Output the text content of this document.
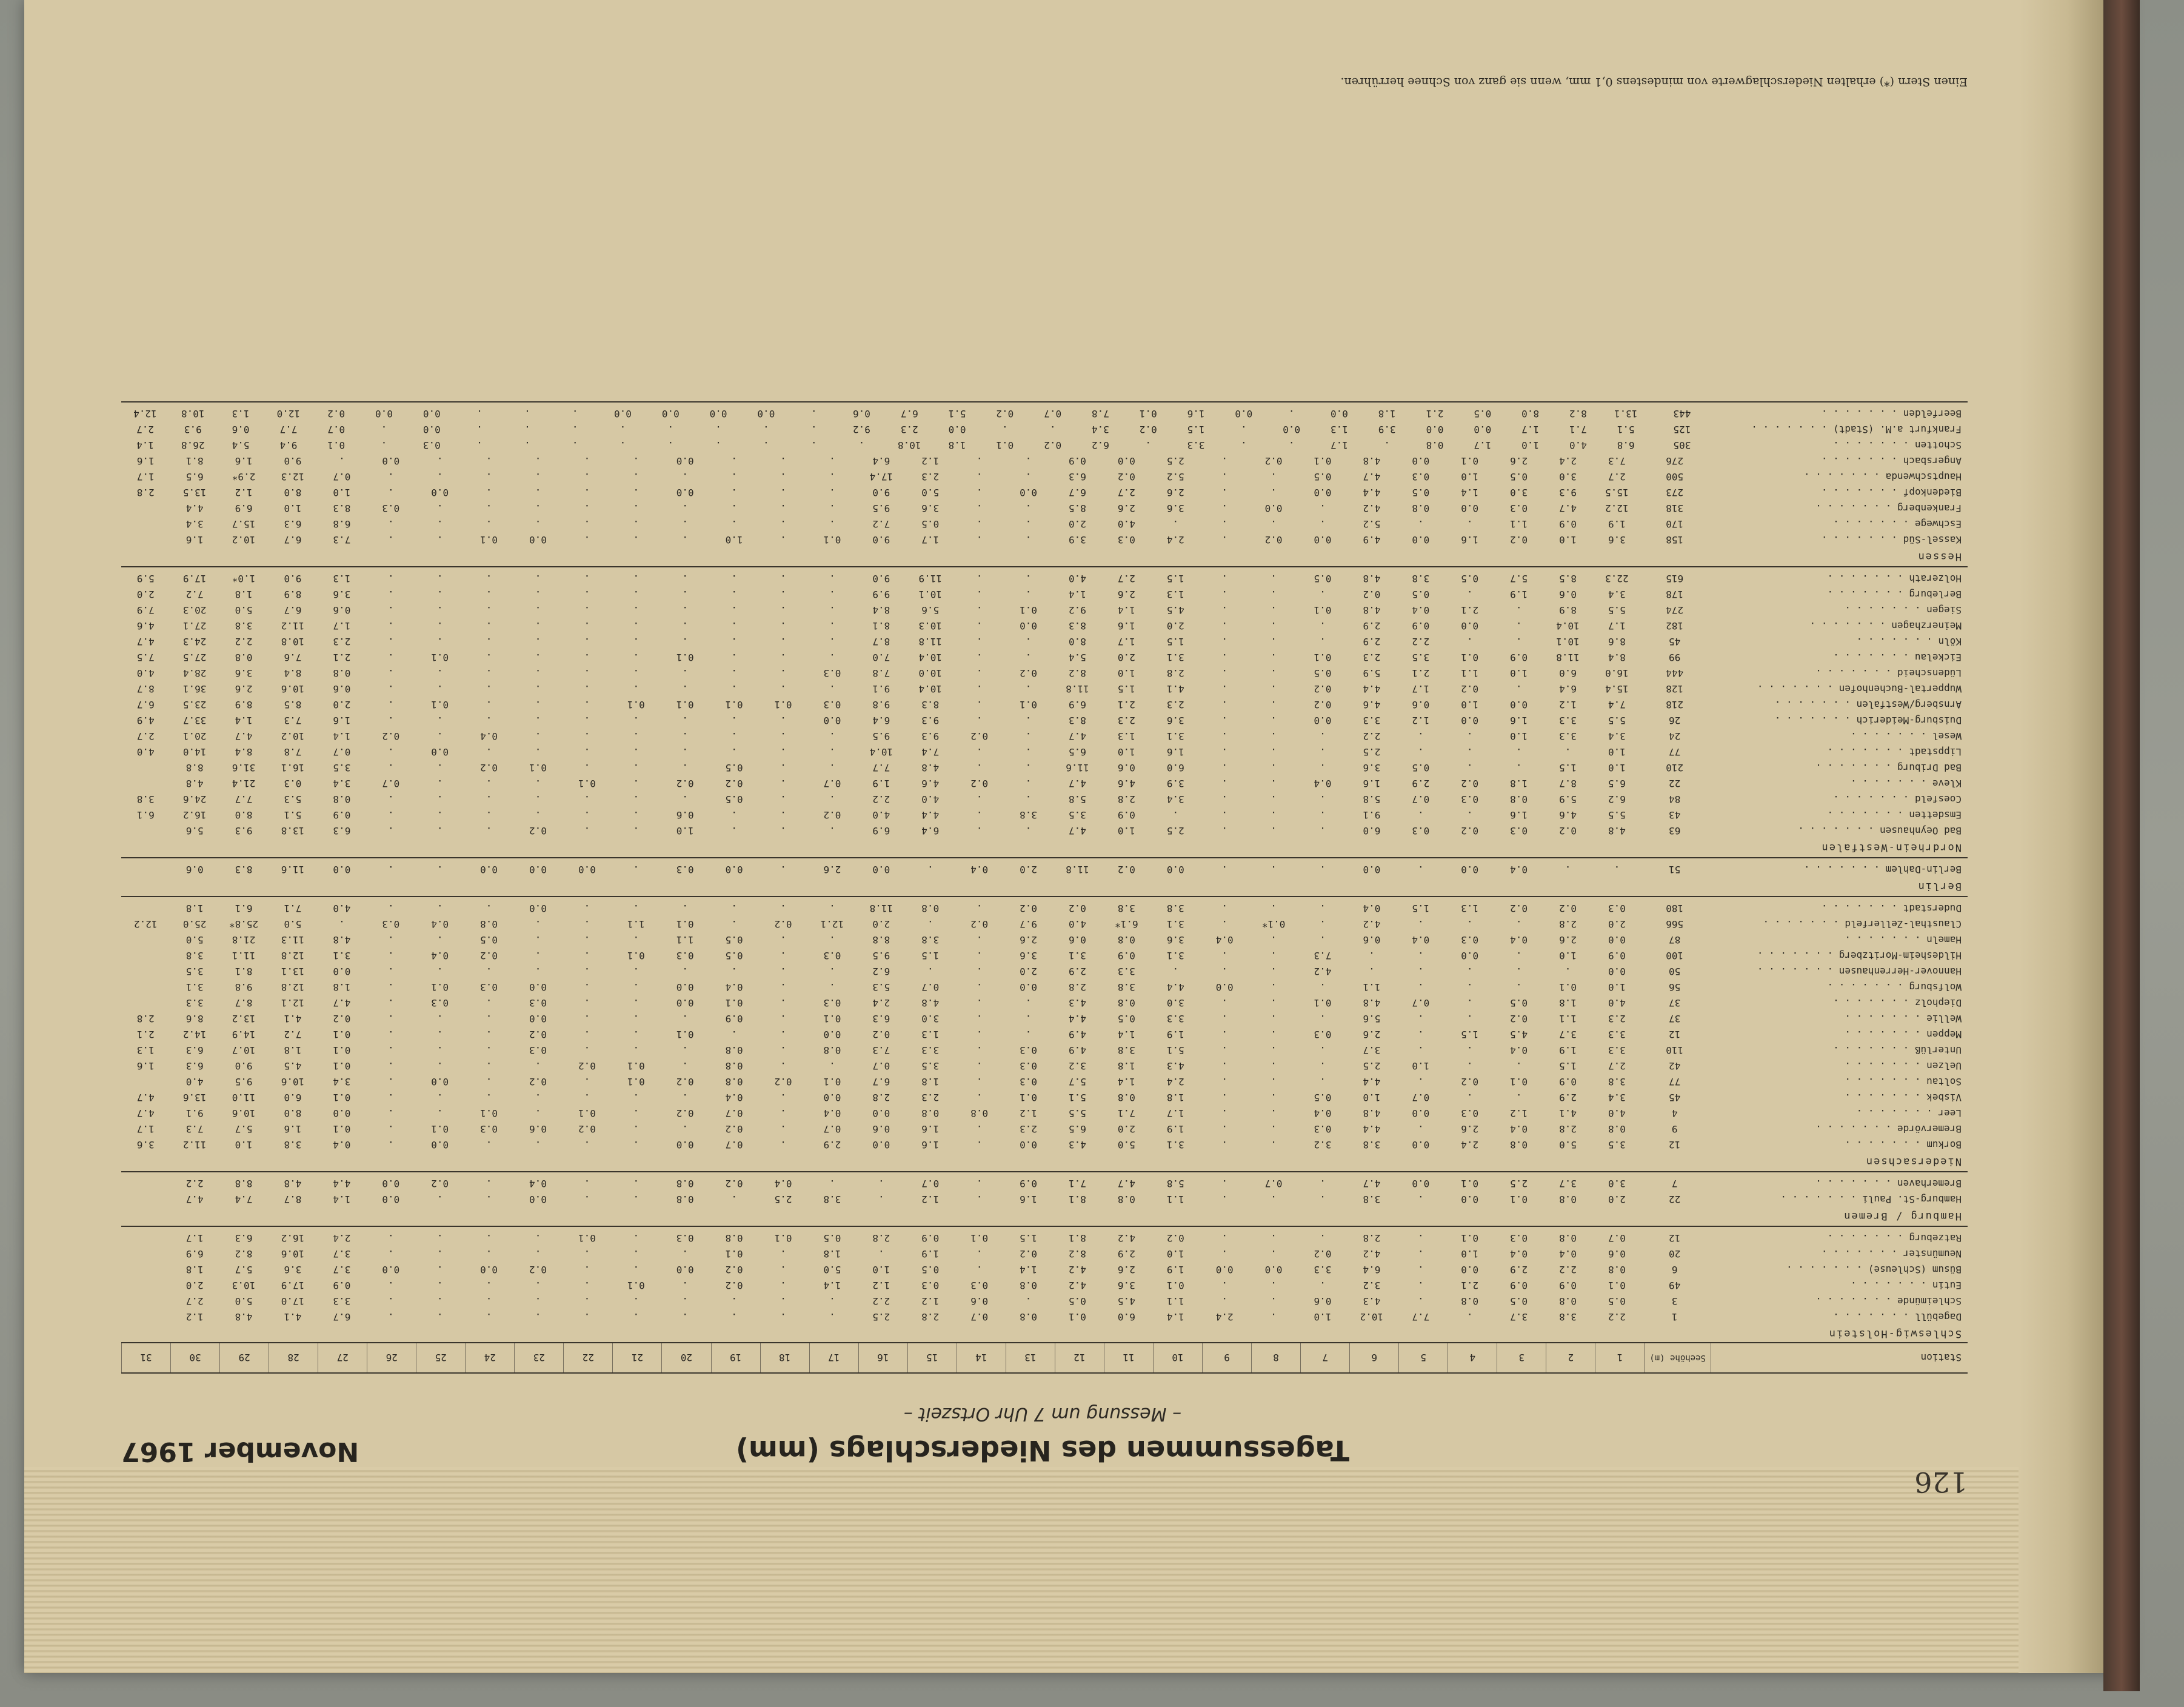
126
Tagessummen des Niederschlags (mm)
November 1967
– Messung um 7 Uhr Ortszeit –
Station
Seehöhe (m)
1
2
3
4
5
6
7
8
9
10
11
12
13
14
15
16
17
18
19
20
21
22
23
24
25
26
27
28
29
30
31
Schleswig-Holstein
Dagebüll . . . . . . .
1
2.2
3.8
3.7
.
7.7
10.2
1.0
.
2.4
1.4
6.0
0.1
0.8
0.7
2.8
2.5
.
.
.
.
.
.
.
.
.
.
6.7
4.1
4.8
1.2
Schleimünde . . . . . . .
3
0.5
0.8
0.5
0.8
.
4.3
0.6
.
.
1.1
4.5
0.5
.
0.6
1.2
2.2
.
.
.
.
.
.
.
.
.
.
3.3
17.0
5.0
2.7
Eutin . . . . . . .
49
0.1
0.9
0.9
2.1
.
3.2
.
.
.
0.1
3.6
4.2
0.8
0.3
0.3
1.2
1.4
.
0.2
.
0.1
.
.
.
.
.
0.9
17.9
10.3
2.0
Büsum (Schleuse) . . . . . . .
6
0.8
2.2
2.9
0.0
.
6.4
3.3
0.0
0.0
1.9
2.6
4.2
1.4
.
0.5
1.0
5.0
.
0.2
0.0
.
.
0.2
0.0
.
0.0
3.7
3.6
5.7
1.8
Neumünster . . . . . . .
20
0.6
0.4
0.4
1.0
.
4.2
0.2
.
.
1.0
2.9
8.2
0.2
.
1.9
.
1.8
.
0.1
.
.
.
.
.
.
.
3.7
10.6
8.2
6.9
Ratzeburg . . . . . . .
12
0.7
0.8
0.3
0.1
.
2.8
.
.
.
0.2
4.2
8.1
1.5
0.1
0.9
2.8
0.5
0.1
0.8
0.3
.
0.1
.
.
.
.
2.4
16.2
6.3
1.7
Hamburg / Bremen
Hamburg-St. Pauli . . . . . . .
22
2.0
0.8
0.1
0.0
.
3.8
.
.
.
1.1
0.8
8.1
1.6
.
1.2
.
3.8
2.5
.
0.8
.
.
0.0
.
.
0.0
1.4
8.7
7.4
4.7
Bremerhaven . . . . . . .
7
3.0
3.7
2.5
0.1
0.0
4.7
.
0.7
.
5.8
4.7
7.1
0.9
.
0.7
.
.
0.4
0.2
0.8
.
.
0.4
.
0.2
0.0
4.4
4.8
8.8
2.2
Niedersachsen
Borkum . . . . . . .
12
3.5
5.0
0.8
2.4
0.0
3.8
3.2
.
.
3.1
5.0
4.3
0.0
.
1.6
0.0
2.9
.
0.7
0.0
.
.
.
.
0.0
.
0.4
3.8
1.0
11.2
3.6
Bremervörde . . . . . . .
9
0.8
2.8
0.4
2.6
.
4.4
0.3
.
.
1.9
2.0
6.5
2.3
.
1.6
0.6
0.7
.
0.2
.
.
0.2
0.6
0.3
0.1
.
0.1
1.6
5.7
7.3
1.7
Leer . . . . . . .
4
4.0
4.1
1.2
0.3
0.0
4.8
0.4
.
.
1.7
7.1
5.5
1.2
0.8
0.8
0.0
0.4
.
0.7
0.2
.
0.1
.
0.1
.
.
0.0
8.0
10.6
9.1
4.7
Visbek . . . . . . .
45
3.4
2.9
.
.
0.7
1.0
0.5
.
.
1.8
0.8
5.1
0.1
.
2.3
2.8
0.0
.
0.4
.
.
.
.
.
.
.
0.1
6.0
11.0
13.6
4.7
Soltau . . . . . . .
77
3.8
0.9
0.1
0.2
.
4.4
.
.
.
2.4
1.4
5.7
0.3
.
1.8
6.7
0.1
0.2
0.8
0.2
0.1
.
0.2
.
0.0
.
3.4
10.6
9.5
4.0
Uelzen . . . . . . .
42
2.7
1.5
.
.
1.0
2.5
.
.
.
4.3
1.8
3.2
0.3
.
3.5
0.7
.
.
0.8
.
0.1
0.2
.
.
.
.
0.1
4.5
9.0
6.3
1.6
Unterlüß . . . . . . .
110
3.3
1.9
0.4
.
.
3.7
.
.
.
5.1
3.8
4.9
0.3
.
3.3
7.3
0.8
.
0.8
.
.
.
0.3
.
.
.
0.1
1.8
10.7
6.3
1.3
Meppen . . . . . . .
12
3.3
3.7
4.5
1.5
.
2.6
0.3
.
.
1.9
1.4
4.9
.
.
1.3
0.2
0.0
.
.
0.1
.
.
0.2
.
.
.
0.1
7.2
14.9
14.2
2.1
Wellie . . . . . . .
37
2.3
1.1
0.2
.
.
5.6
.
.
.
3.3
0.5
4.4
.
.
3.0
6.3
0.1
.
0.9
.
.
.
0.0
.
.
.
0.2
4.1
13.2
8.6
2.8
Diepholz . . . . . . .
37
4.0
1.8
0.5
.
0.7
4.8
0.1
.
.
3.0
0.8
4.3
.
.
4.8
2.4
0.3
.
0.1
0.0
.
.
0.3
.
0.3
.
4.7
12.1
8.7
3.3
Wolfsburg . . . . . . .
56
1.0
0.1
.
.
.
1.1
.
.
0.0
4.4
3.8
2.8
0.0
.
0.7
5.3
.
.
0.4
0.0
.
.
0.0
0.3
0.1
.
1.8
12.8
9.8
3.1
Hannover-Herrenhausen . . . . . . .
50
0.0
.
.
.
.
.
4.2
.
.
.
3.3
2.9
2.0
.
.
6.2
.
.
.
.
.
.
.
.
.
.
0.0
13.1
8.1
3.5
Hildesheim-Moritzberg . . . . . . .
100
0.9
1.0
.
0.0
.
.
7.3
.
.
3.1
0.9
3.1
3.6
.
1.5
9.5
0.3
.
0.5
0.3
0.1
.
.
0.2
0.4
.
3.1
12.8
11.1
3.8
Hameln . . . . . . .
87
0.0
2.6
0.4
0.3
0.4
0.6
.
.
0.4
3.6
0.8
0.6
2.6
.
3.8
8.8
.
.
0.5
1.1
.
.
.
0.5
.
.
4.8
11.3
21.8
5.0
Clausthal-Zellerfeld . . . . . . .
566
2.0
2.8
.
.
.
4.2
.
0.1*
.
3.1
6.1*
4.0
9.7
0.2
.
2.0
12.1
0.2
.
0.1
1.1
.
.
0.8
0.4
0.3
.
5.0
25.8*
25.0
12.2
Duderstadt . . . . . . .
180
0.3
0.2
0.2
1.3
1.5
0.4
.
.
.
3.8
3.8
0.2
0.2
.
0.8
11.8
.
.
.
.
.
.
0.0
.
.
.
4.0
7.1
6.1
1.8
Berlin
Berlin-Dahlem . . . . . . .
51
.
.
0.4
0.0
.
0.0
.
.
.
0.0
0.2
11.8
2.0
0.4
.
0.0
2.6
.
0.0
0.3
.
0.0
0.0
0.0
.
.
0.0
11.6
8.3
0.6
Nordrhein-Westfalen
Bad Oeynhausen . . . . . . .
63
4.8
0.2
0.3
0.2
0.3
6.0
.
.
.
2.5
1.0
4.7
.
.
6.4
6.9
.
.
.
1.0
.
.
0.2
.
.
.
6.3
13.8
9.3
5.6
Emsdetten . . . . . . .
43
5.5
4.6
1.6
.
.
9.1
.
.
.
.
0.9
3.5
3.8
.
4.4
4.0
0.2
.
.
0.6
.
.
.
.
.
.
0.9
5.1
8.0
16.2
6.1
Coesfeld . . . . . . .
84
6.2
5.9
0.8
0.3
0.7
5.8
.
.
.
3.4
2.8
5.8
.
.
4.0
2.2
.
.
0.5
.
.
.
.
.
.
.
0.8
5.3
7.7
24.6
3.8
Kleve . . . . . . .
22
6.5
8.7
1.8
0.2
2.9
1.6
0.4
.
.
3.9
4.6
4.7
.
0.2
4.6
1.9
0.7
.
0.2
0.2
.
0.1
.
.
.
0.7
3.4
0.3
21.4
4.8
Bad Driburg . . . . . . .
210
1.0
1.5
.
.
0.5
3.6
.
.
.
6.0
0.6
11.6
.
.
4.8
7.7
.
.
0.5
.
.
.
0.1
0.2
.
.
3.5
16.1
31.6
8.8
Lippstadt . . . . . . .
77
1.0
.
.
.
.
2.5
.
.
.
1.6
1.0
6.5
.
.
7.4
10.4
.
.
.
.
.
.
.
.
0.0
.
0.7
7.8
8.4
14.0
4.0
Wesel . . . . . . .
24
3.4
3.3
1.0
.
.
2.2
.
.
.
3.1
1.3
4.7
.
0.2
9.3
9.5
.
.
.
.
.
.
.
0.4
.
0.2
1.4
10.2
4.7
20.1
2.7
Duisburg-Meiderich . . . . . . .
26
5.5
3.3
1.6
0.0
1.2
3.3
0.0
.
.
3.6
2.3
8.3
.
.
9.3
6.4
0.0
.
.
.
.
.
.
.
.
.
1.6
7.3
1.4
33.7
4.9
Arnsberg/Westfalen . . . . . . .
218
7.4
1.2
0.0
1.0
0.6
4.6
0.2
.
.
2.3
2.1
6.9
0.1
.
8.3
9.8
0.3
0.1
0.1
0.1
0.1
.
.
.
0.1
.
2.0
8.5
8.9
23.5
6.7
Wuppertal-Buchenhofen . . . . . . .
128
15.4
6.4
.
0.2
1.7
4.4
0.2
.
.
4.1
1.5
11.8
.
.
10.4
9.1
.
.
.
.
.
.
.
.
.
.
0.6
10.6
2.6
36.1
8.7
Lüdenscheid . . . . . . .
444
16.0
6.0
1.0
1.1
2.1
5.9
0.5
.
.
2.8
1.0
8.2
0.2
.
10.0
7.8
0.3
.
.
.
.
.
.
.
.
.
0.8
8.4
3.6
28.4
4.0
Eickelau . . . . . . .
99
8.4
11.8
0.9
0.1
3.5
2.3
0.1
.
.
3.1
2.0
5.4
.
.
10.4
7.0
.
.
.
0.1
.
.
.
.
0.1
.
2.1
7.6
0.8
27.5
7.5
Köln . . . . . . .
45
8.6
10.1
.
.
2.2
2.9
.
.
.
1.5
1.7
8.0
.
.
11.8
8.7
.
.
.
.
.
.
.
.
.
.
2.3
10.8
2.2
24.3
4.7
Meinerzhagen . . . . . . .
182
1.7
10.4
.
0.0
0.9
2.9
.
.
.
2.0
1.6
8.3
0.0
.
10.3
8.1
.
.
.
.
.
.
.
.
.
.
1.7
11.2
3.8
27.1
4.6
Siegen . . . . . . .
274
5.5
8.9
.
2.1
0.4
4.8
0.1
.
.
4.5
1.4
9.2
0.1
.
5.6
8.4
.
.
.
.
.
.
.
.
.
.
0.6
6.7
5.0
20.3
7.9
Berleburg . . . . . . .
178
3.4
0.6
1.9
.
0.5
0.2
.
.
.
1.3
2.6
1.4
.
.
10.1
9.9
.
.
.
.
.
.
.
.
.
.
3.6
8.9
1.8
7.2
2.0
Holzerath . . . . . . .
615
22.3
8.5
5.7
0.5
3.8
4.8
0.5
.
.
1.5
2.7
4.0
.
.
11.9
9.0
.
.
.
.
.
.
.
.
.
.
1.3
9.0
1.0*
17.9
5.9
Hessen
Kassel-Süd . . . . . . .
158
3.6
1.0
0.2
1.6
0.0
4.9
0.0
0.2
.
2.4
0.3
3.9
.
.
1.7
9.0
0.1
.
1.0
.
.
.
0.0
0.1
.
.
7.3
6.7
10.2
1.6
Eschwege . . . . . . .
170
1.9
0.9
1.1
.
.
5.2
.
.
.
.
4.0
2.0
.
.
0.5
7.2
.
.
.
.
.
.
.
.
.
.
6.8
6.3
15.7
3.4
Frankenberg . . . . . . .
318
12.2
4.7
0.3
0.0
0.8
4.2
.
0.0
.
3.6
2.6
8.5
.
.
3.6
9.5
.
.
.
.
.
.
.
.
.
0.3
8.3
1.0
6.9
4.4
Biedenkopf . . . . . . .
273
15.5
9.3
3.0
1.4
0.5
4.4
0.0
.
.
2.6
2.7
6.7
0.0
.
5.0
9.0
.
.
.
0.0
.
.
.
.
0.0
.
1.0
8.0
1.2
13.5
2.8
Hauptschwenda . . . . . . .
500
2.7
3.0
0.5
1.0
0.3
4.7
0.5
.
.
5.2
0.2
6.3
.
.
2.3
17.4
.
.
.
.
.
.
.
.
.
.
0.7
12.3
2.9*
6.5
1.7
Angersbach . . . . . . .
276
7.3
2.4
2.6
0.1
0.0
4.8
0.1
0.2
.
2.5
0.0
0.9
.
.
1.2
6.4
.
.
.
0.0
.
.
.
.
.
0.0
.
9.0
1.6
8.1
1.6
Schotten . . . . . . .
305
6.8
4.0
1.0
1.7
0.8
.
1.7
.
.
3.3
.
6.2
0.2
0.1
1.8
10.8
.
.
.
.
.
.
.
.
.
0.3
.
0.1
9.4
5.4
26.8
1.4
Frankfurt a.M. (Stadt) . . . . . . .
125
5.1
7.1
1.7
0.0
0.0
3.9
1.3
0.0
.
1.5
0.2
3.4
.
.
0.0
2.3
9.2
.
.
.
.
.
.
.
.
0.0
.
0.7
7.7
0.6
9.3
2.7
Beerfelden . . . . . . .
443
13.1
8.2
8.0
0.5
2.1
1.8
0.0
.
0.0
1.6
0.1
7.8
0.7
0.2
5.1
6.7
0.6
.
0.0
0.0
0.0
0.0
.
.
.
0.0
0.0
0.2
12.0
1.3
10.8
12.4
Einen Stern (*) erhalten Niederschlagwerte von mindestens 0,1 mm, wenn sie ganz von Schnee herrühren.
